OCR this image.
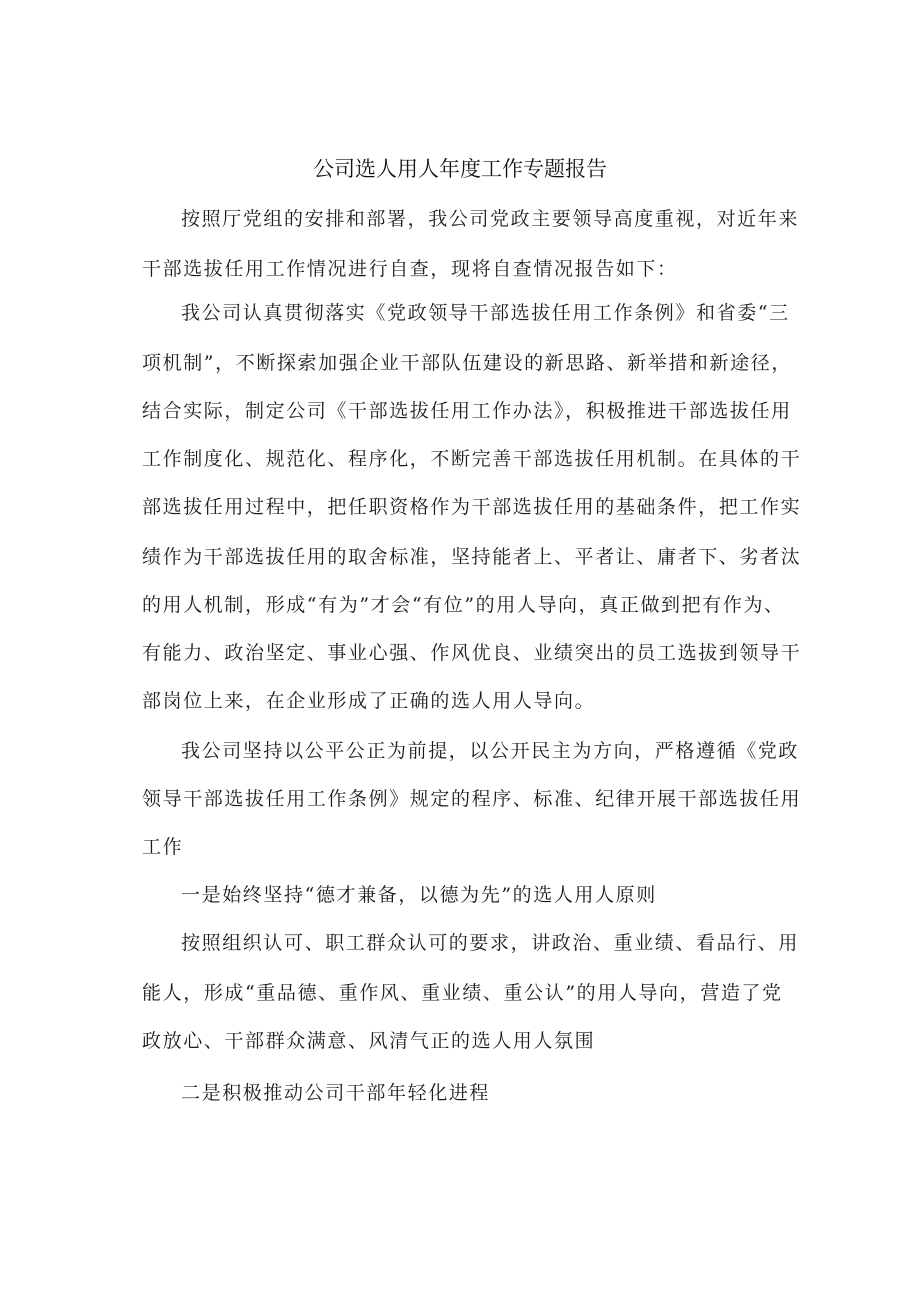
公司选人用人年度工作专题报告
按照厅党组的安排和部署，我公司党政主要领导高度重视，对近年来
干部选拔任用工作情况进行自查，现将自查情况报告如下：
我公司认真贯彻落实《党政领导干部选拔任用工作条例》和省委“三
项机制”，不断探索加强企业干部队伍建设的新思路、新举措和新途径，
结合实际，制定公司《干部选拔任用工作办法》，积极推进干部选拔任用
工作制度化、规范化、程序化，不断完善干部选拔任用机制。在具体的干
部选拔任用过程中，把任职资格作为干部选拔任用的基础条件，把工作实
绩作为干部选拔任用的取舍标准，坚持能者上、平者让、庸者下、劣者汰
的用人机制，形成“有为”才会“有位”的用人导向，真正做到把有作为、
有能力、政治坚定、事业心强、作风优良、业绩突出的员工选拔到领导干
部岗位上来，在企业形成了正确的选人用人导向。
我公司坚持以公平公正为前提，以公开民主为方向，严格遵循《党政
领导干部选拔任用工作条例》规定的程序、标准、纪律开展干部选拔任用
工作
一是始终坚持“德才兼备，以德为先”的选人用人原则
按照组织认可、职工群众认可的要求，讲政治、重业绩、看品行、用
能人，形成“重品德、重作风、重业绩、重公认”的用人导向，营造了党
政放心、干部群众满意、风清气正的选人用人氛围
二是积极推动公司干部年轻化进程
